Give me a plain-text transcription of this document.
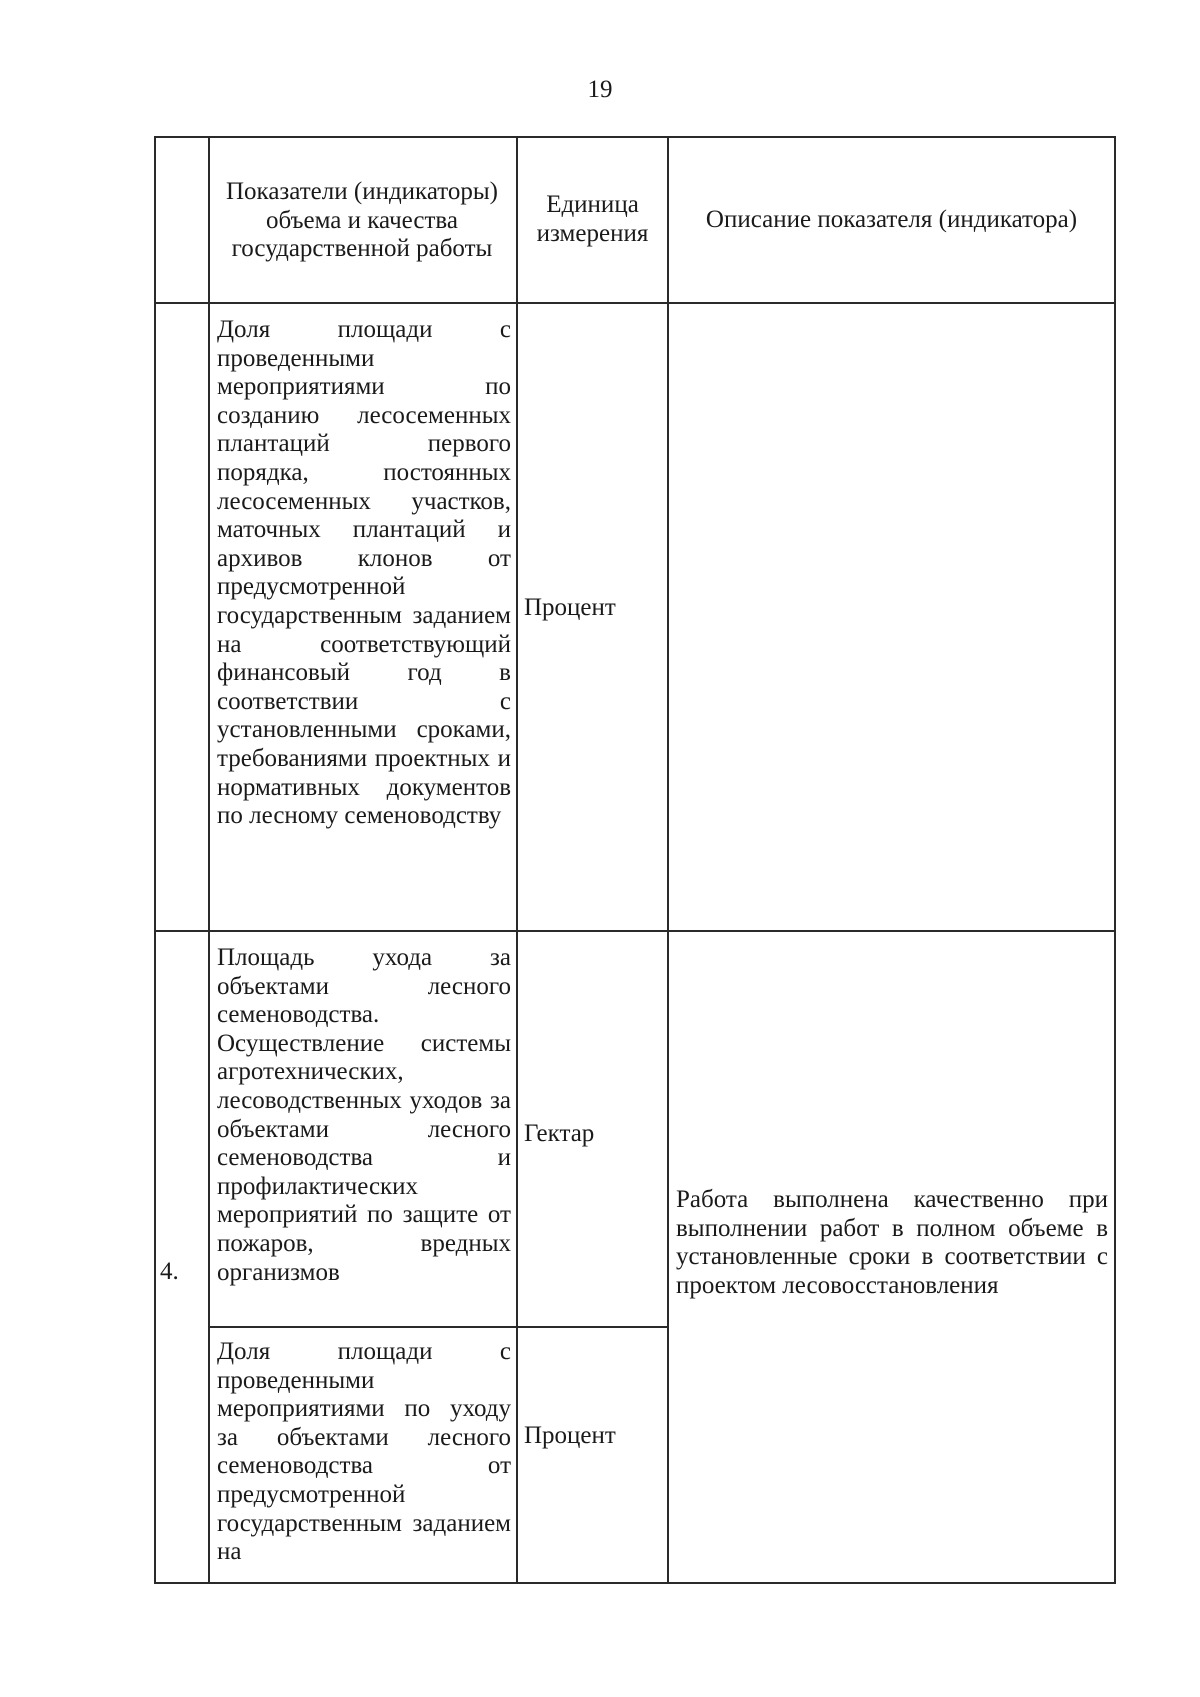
19
Показатели (индикаторы) объема и качества государственной работы
Единица измерения
Описание показателя (индикатора)
Доля площади с проведенными мероприятиями по созданию лесосеменных плантаций первого порядка, постоянных лесосеменных участков, маточных плантаций и архивов клонов от предусмотренной государственным заданием на соответствующий финансовый год в соответствии с установленными сроками, требованиями проектных и нормативных документов по лесному семеноводству
Процент
4.
Площадь ухода за объектами лесного семеноводства. Осуществление системы агротехнических, лесоводственных уходов за объектами лесного семеноводства и профилактических мероприятий по защите от пожаров, вредных организмов
Гектар
Работа выполнена качественно при выполнении работ в полном объеме в установленные сроки в соответствии с проектом лесовосстановления
Доля площади с проведенными мероприятиями по уходу за объектами лесного семеноводства от предусмотренной государственным заданием на
Процент
